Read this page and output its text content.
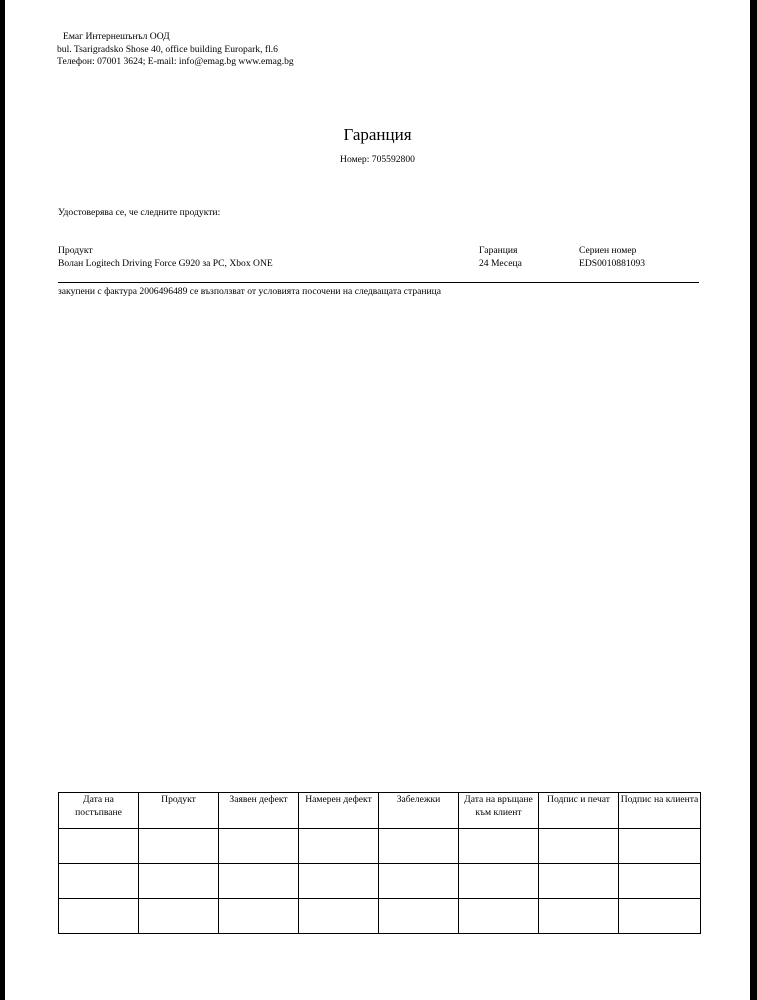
Емаг Интернешънъл ООД
bul. Tsarigradsko Shose 40, office building Europark, fl.6
Телефон: 07001 3624; E-mail: info@emag.bg www.emag.bg
Гаранция
Номер: 705592800
Удостоверява се, че следните продукти:
Продукт	Гаранция	Сериен номер
Волан Logitech Driving Force G920 за PC, Xbox ONE	24 Месеца	EDS0010881093
закупени с фактура 2006496489 се възползват от условията посочени на следващата страница
Дата на постъпване	Продукт	Заявен дефект	Намерен дефект	Забележки	Дата на връщане към клиент	Подпис и печат	Подпис на клиента
